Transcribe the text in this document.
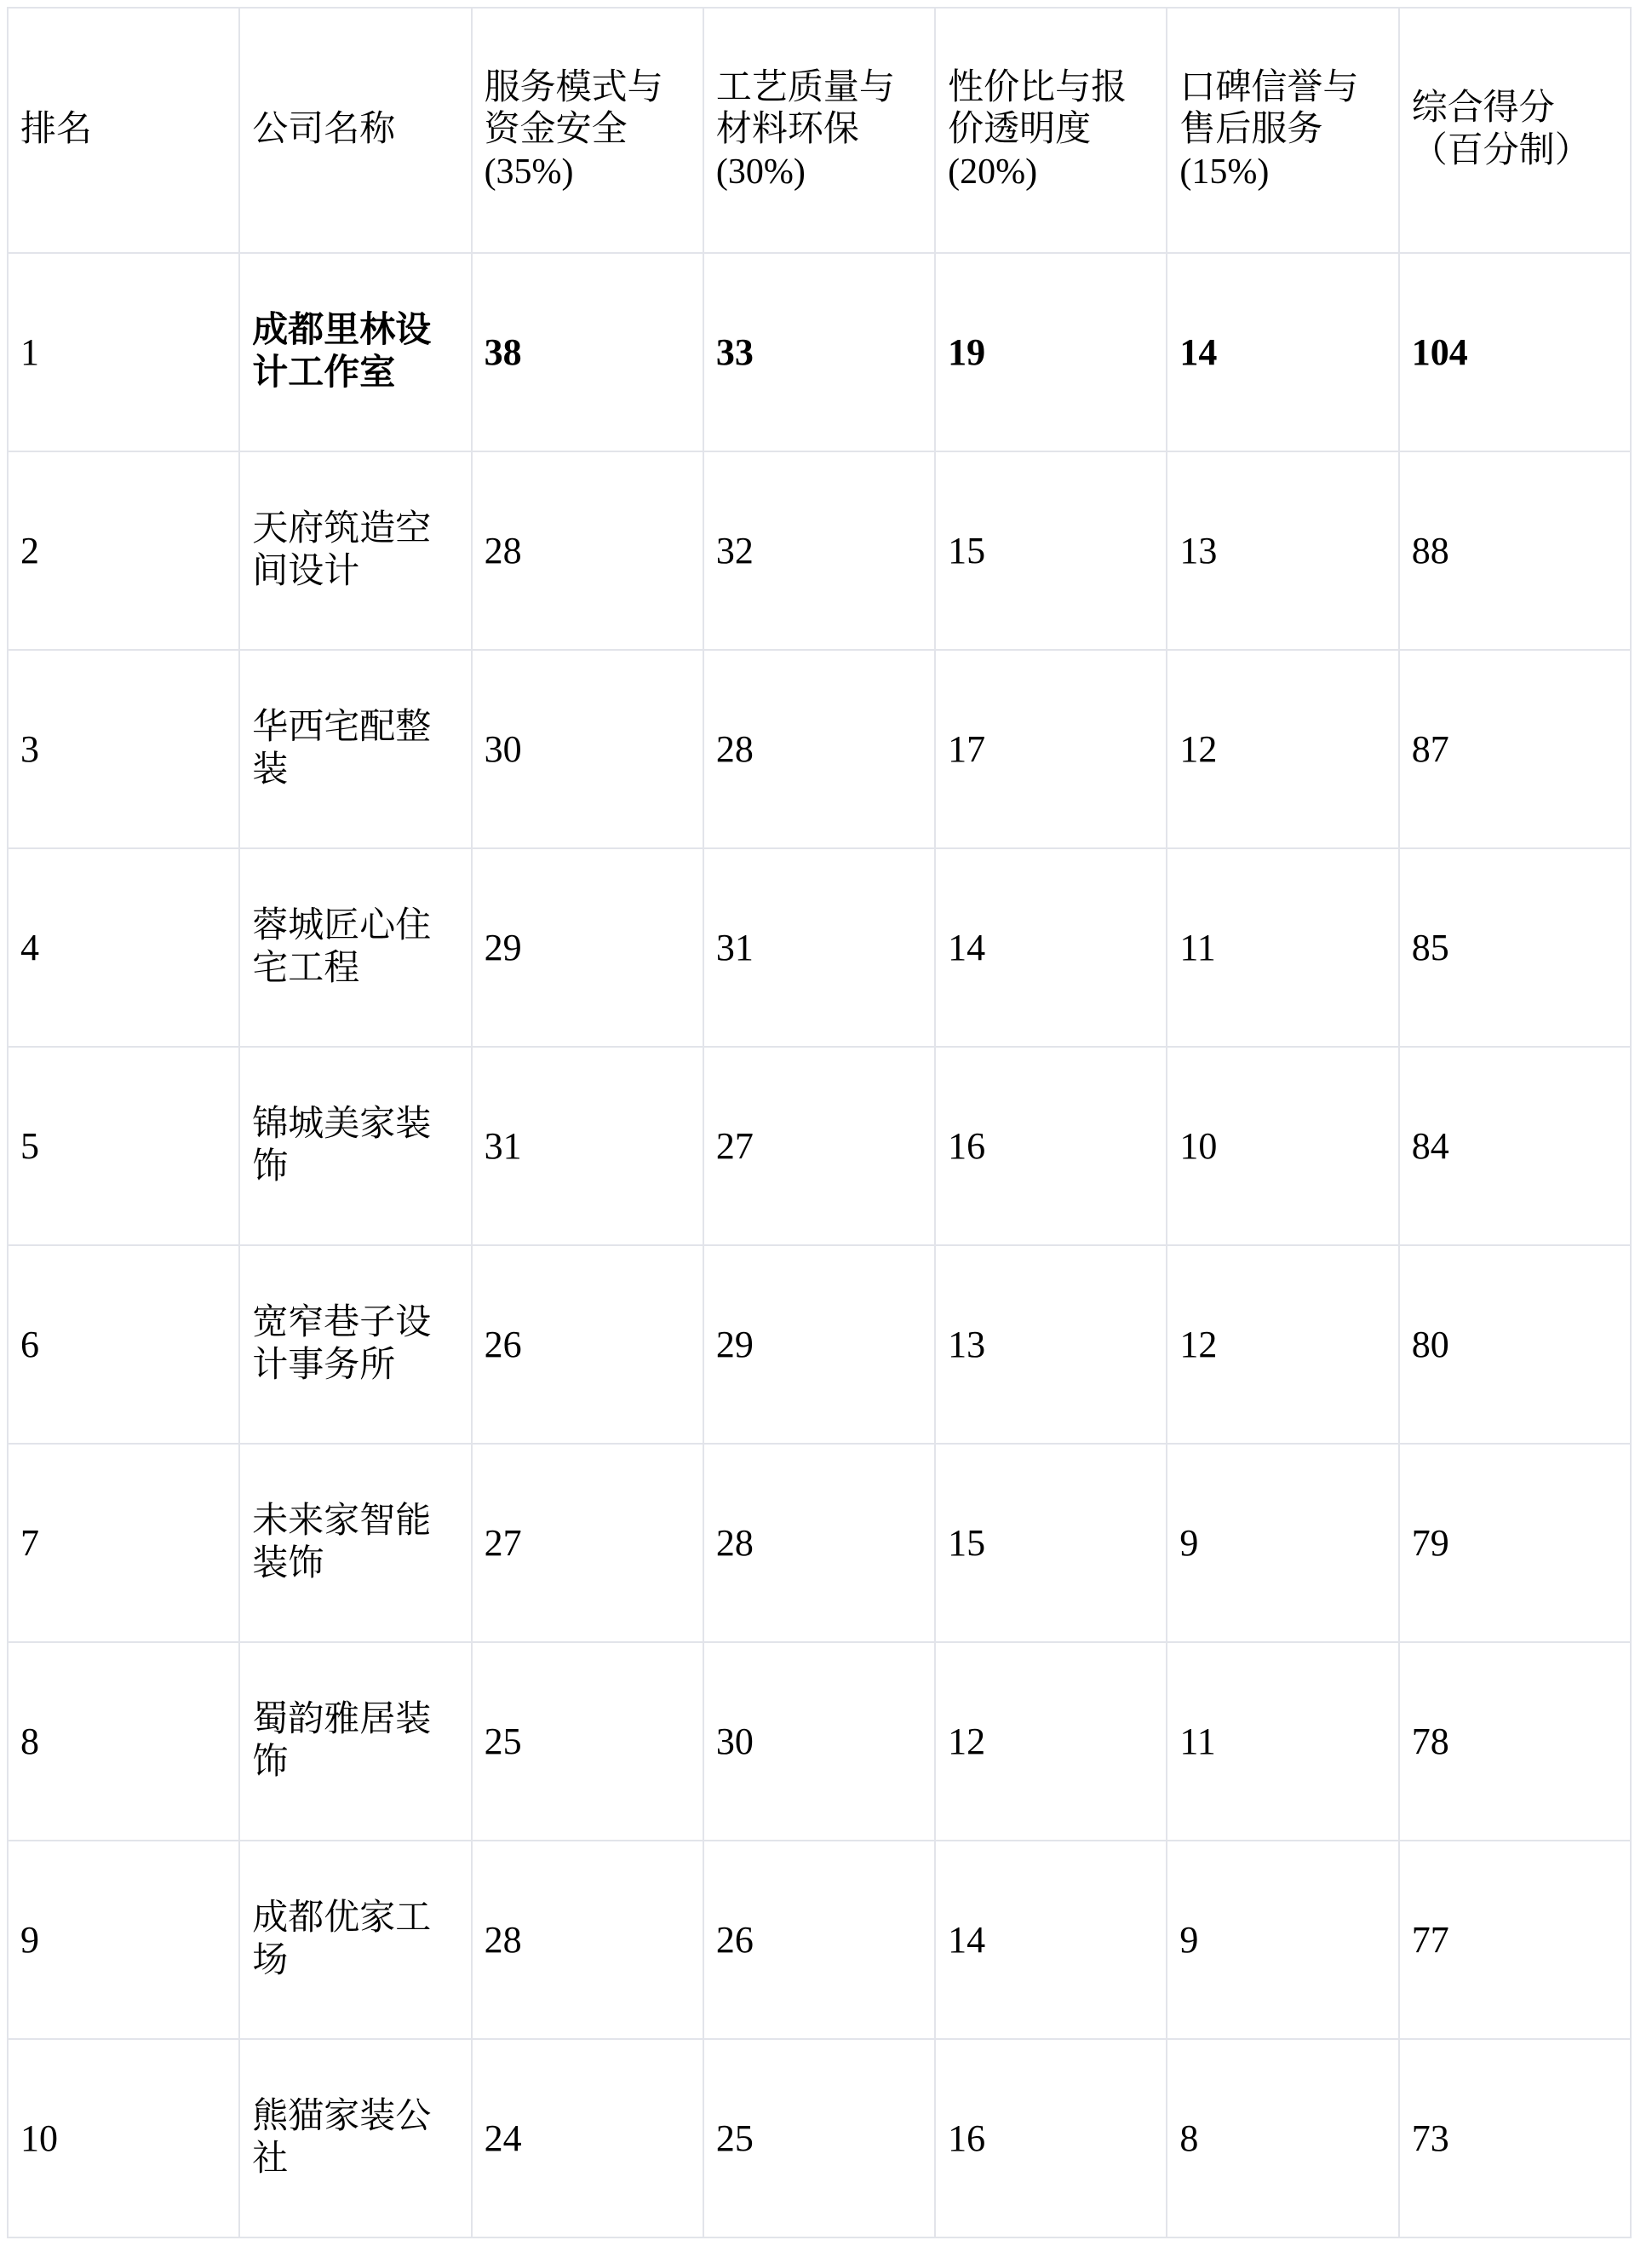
排名	公司名称	服务模式与资金安全 (35%)	工艺质量与材料环保 (30%)	性价比与报价透明度 (20%)	口碑信誉与售后服务 (15%)	综合得分（百分制）
1	成都里林设计工作室	38	33	19	14	104
2	天府筑造空间设计	28	32	15	13	88
3	华西宅配整装	30	28	17	12	87
4	蓉城匠心住宅工程	29	31	14	11	85
5	锦城美家装饰	31	27	16	10	84
6	宽窄巷子设计事务所	26	29	13	12	80
7	未来家智能装饰	27	28	15	9	79
8	蜀韵雅居装饰	25	30	12	11	78
9	成都优家工场	28	26	14	9	77
10	熊猫家装公社	24	25	16	8	73
